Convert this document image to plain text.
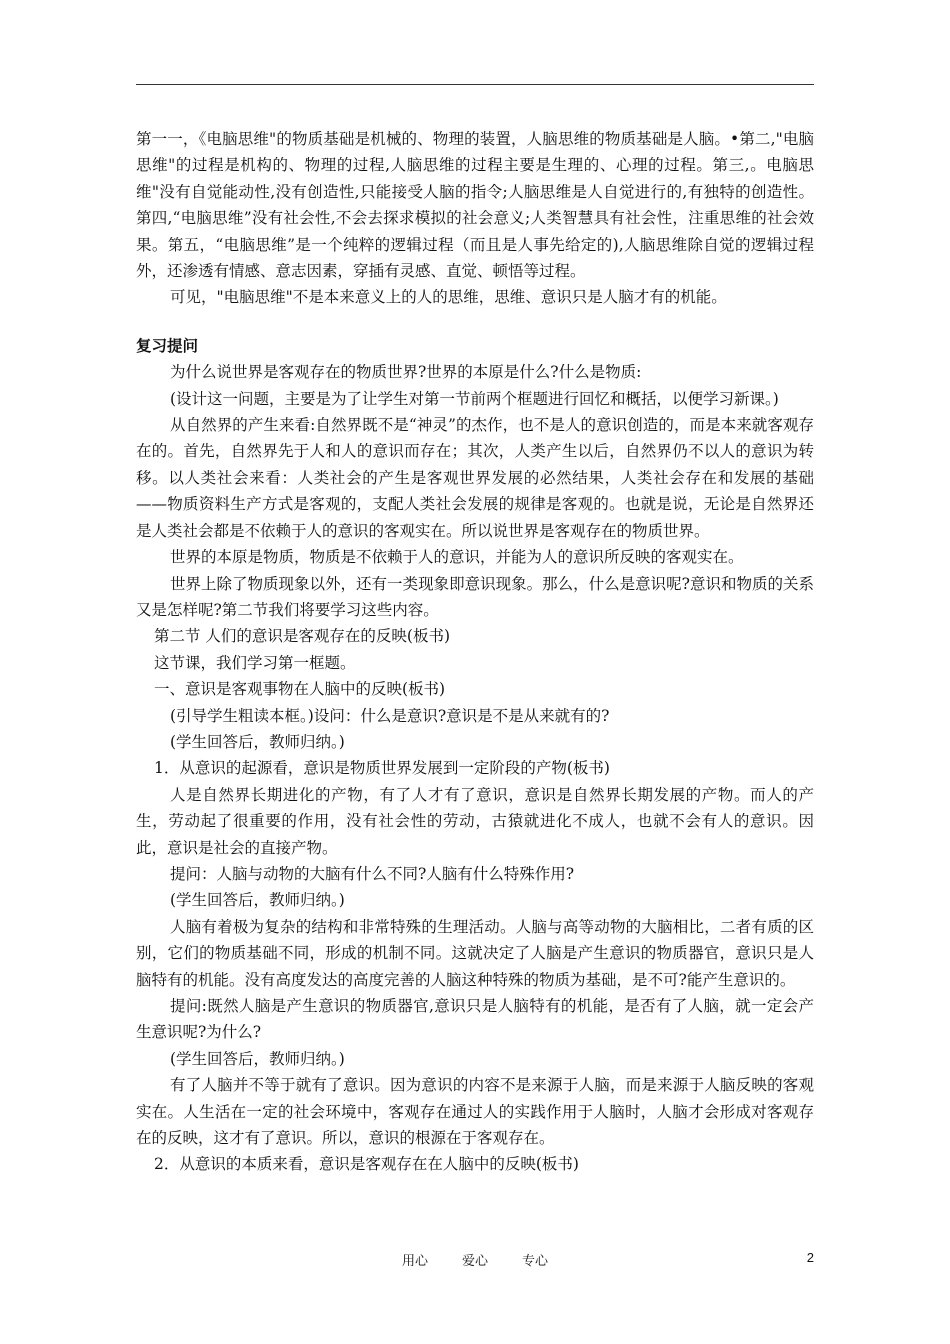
第一一，《电脑思维"的物质基础是机械的、物理的装置，人脑思维的物质基础是人脑。•第二,"电脑思维"的过程是机构的、物理的过程,人脑思维的过程主要是生理的、心理的过程。第三,。电脑思维"没有自觉能动性,没有创造性,只能接受人脑的指令;人脑思维是人自觉进行的,有独特的创造性。第四,“电脑思维”没有社会性,不会去探求模拟的社会意义;人类智慧具有社会性，注重思维的社会效果。第五，“电脑思维”是一个纯粹的逻辑过程（而且是人事先给定的),人脑思维除自觉的逻辑过程外，还渗透有情感、意志因素，穿插有灵感、直觉、顿悟等过程。

可见，"电脑思维"不是本来意义上的人的思维，思维、意识只是人脑才有的机能。

复习提问

为什么说世界是客观存在的物质世界?世界的本原是什么?什么是物质:

(设计这一问题，主要是为了让学生对第一节前两个框题进行回忆和概括，以便学习新课。)

从自然界的产生来看:自然界既不是“神灵”的杰作，也不是人的意识创造的，而是本来就客观存在的。首先，自然界先于人和人的意识而存在；其次，人类产生以后，自然界仍不以人的意识为转移。以人类社会来看：人类社会的产生是客观世界发展的必然结果，人类社会存在和发展的基础——物质资料生产方式是客观的，支配人类社会发展的规律是客观的。也就是说，无论是自然界还是人类社会都是不依赖于人的意识的客观实在。所以说世界是客观存在的物质世界。

世界的本原是物质，物质是不依赖于人的意识，并能为人的意识所反映的客观实在。

世界上除了物质现象以外，还有一类现象即意识现象。那么，什么是意识呢?意识和物质的关系又是怎样呢?第二节我们将要学习这些内容。

第二节 人们的意识是客观存在的反映(板书)

这节课，我们学习第一框题。

一、意识是客观事物在人脑中的反映(板书)

(引导学生粗读本框。)设问：什么是意识?意识是不是从来就有的?

(学生回答后，教师归纳。)

1．从意识的起源看，意识是物质世界发展到一定阶段的产物(板书)

人是自然界长期进化的产物，有了人才有了意识，意识是自然界长期发展的产物。而人的产生，劳动起了很重要的作用，没有社会性的劳动，古猿就进化不成人，也就不会有人的意识。因此，意识是社会的直接产物。

提问：人脑与动物的大脑有什么不同?人脑有什么特殊作用?

(学生回答后，教师归纳。)

人脑有着极为复杂的结构和非常特殊的生理活动。人脑与高等动物的大脑相比，二者有质的区别，它们的物质基础不同，形成的机制不同。这就决定了人脑是产生意识的物质器官，意识只是人脑特有的机能。没有高度发达的高度完善的人脑这种特殊的物质为基础，是不可?能产生意识的。

提问:既然人脑是产生意识的物质器官,意识只是人脑特有的机能，是否有了人脑，就一定会产生意识呢?为什么?

(学生回答后，教师归纳。)

有了人脑并不等于就有了意识。因为意识的内容不是来源于人脑，而是来源于人脑反映的客观实在。人生活在一定的社会环境中，客观存在通过人的实践作用于人脑时，人脑才会形成对客观存在的反映，这才有了意识。所以，意识的根源在于客观存在。

2．从意识的本质来看，意识是客观存在在人脑中的反映(板书)

用心	爱心	专心	2
